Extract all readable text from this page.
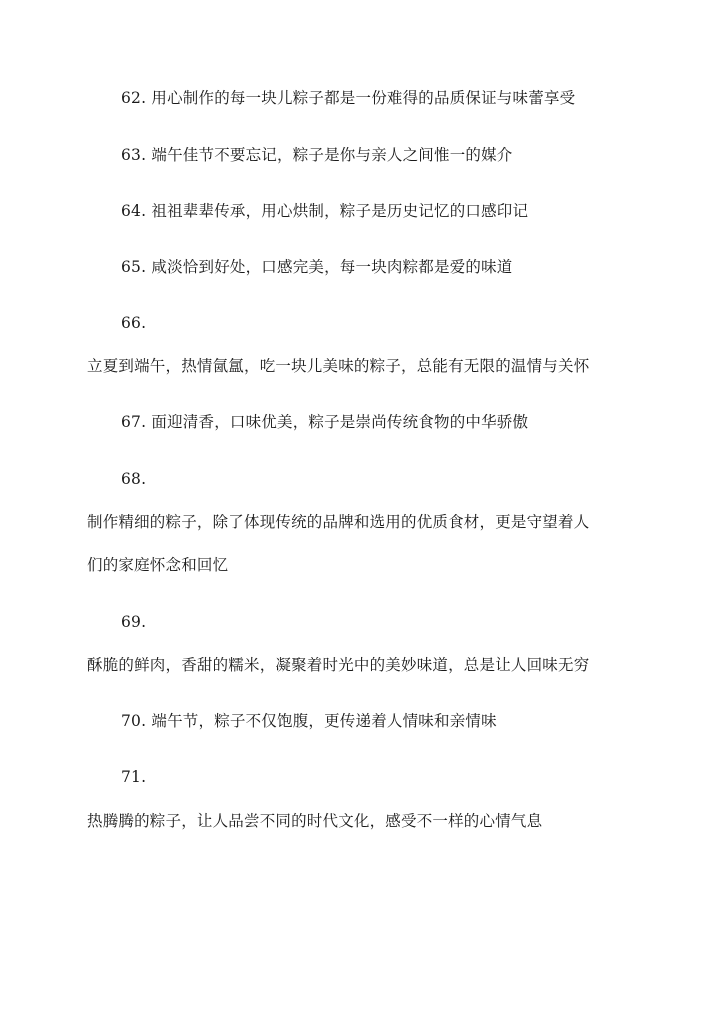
62. 用心制作的每一块儿粽子都是一份难得的品质保证与味蕾享受
63. 端午佳节不要忘记，粽子是你与亲人之间惟一的媒介
64. 祖祖辈辈传承，用心烘制，粽子是历史记忆的口感印记
65. 咸淡恰到好处，口感完美，每一块肉粽都是爱的味道
66.
立夏到端午，热情氤氲，吃一块儿美味的粽子，总能有无限的温情与关怀
67. 面迎清香，口味优美，粽子是崇尚传统食物的中华骄傲
68.
制作精细的粽子，除了体现传统的品牌和选用的优质食材，更是守望着人
们的家庭怀念和回忆
69.
酥脆的鲜肉，香甜的糯米，凝聚着时光中的美妙味道，总是让人回味无穷
70. 端午节，粽子不仅饱腹，更传递着人情味和亲情味
71.
热腾腾的粽子，让人品尝不同的时代文化，感受不一样的心情气息
